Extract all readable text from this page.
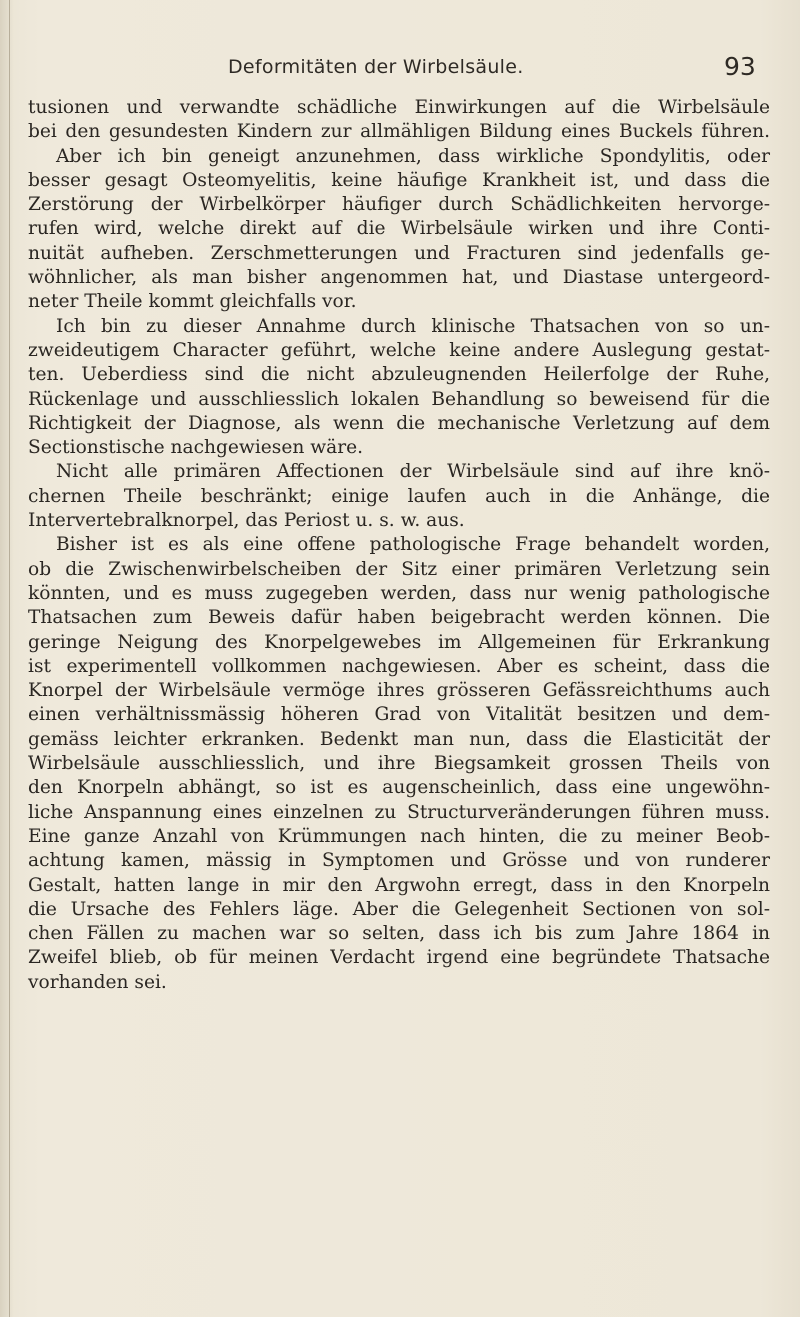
Deformitäten der Wirbelsäule.	93
tusionen und verwandte schädliche Einwirkungen auf die Wirbelsäule
bei den gesundesten Kindern zur allmähligen Bildung eines Buckels führen.
Aber ich bin geneigt anzunehmen, dass wirkliche Spondylitis, oder
besser gesagt Osteomyelitis, keine häufige Krankheit ist, und dass die
Zerstörung der Wirbelkörper häufiger durch Schädlichkeiten hervorge-
rufen wird, welche direkt auf die Wirbelsäule wirken und ihre Conti-
nuität aufheben. Zerschmetterungen und Fracturen sind jedenfalls ge-
wöhnlicher, als man bisher angenommen hat, und Diastase untergeord-
neter Theile kommt gleichfalls vor.
Ich bin zu dieser Annahme durch klinische Thatsachen von so un-
zweideutigem Character geführt, welche keine andere Auslegung gestat-
ten. Ueberdiess sind die nicht abzuleugnenden Heilerfolge der Ruhe,
Rückenlage und ausschliesslich lokalen Behandlung so beweisend für die
Richtigkeit der Diagnose, als wenn die mechanische Verletzung auf dem
Sectionstische nachgewiesen wäre.
Nicht alle primären Affectionen der Wirbelsäule sind auf ihre knö-
chernen Theile beschränkt; einige laufen auch in die Anhänge, die
Intervertebralknorpel, das Periost u. s. w. aus.
Bisher ist es als eine offene pathologische Frage behandelt worden,
ob die Zwischenwirbelscheiben der Sitz einer primären Verletzung sein
könnten, und es muss zugegeben werden, dass nur wenig pathologische
Thatsachen zum Beweis dafür haben beigebracht werden können. Die
geringe Neigung des Knorpelgewebes im Allgemeinen für Erkrankung
ist experimentell vollkommen nachgewiesen. Aber es scheint, dass die
Knorpel der Wirbelsäule vermöge ihres grösseren Gefässreichthums auch
einen verhältnissmässig höheren Grad von Vitalität besitzen und dem-
gemäss leichter erkranken. Bedenkt man nun, dass die Elasticität der
Wirbelsäule ausschliesslich, und ihre Biegsamkeit grossen Theils von
den Knorpeln abhängt, so ist es augenscheinlich, dass eine ungewöhn-
liche Anspannung eines einzelnen zu Structurveränderungen führen muss.
Eine ganze Anzahl von Krümmungen nach hinten, die zu meiner Beob-
achtung kamen, mässig in Symptomen und Grösse und von runderer
Gestalt, hatten lange in mir den Argwohn erregt, dass in den Knorpeln
die Ursache des Fehlers läge. Aber die Gelegenheit Sectionen von sol-
chen Fällen zu machen war so selten, dass ich bis zum Jahre 1864 in
Zweifel blieb, ob für meinen Verdacht irgend eine begründete Thatsache
vorhanden sei.
